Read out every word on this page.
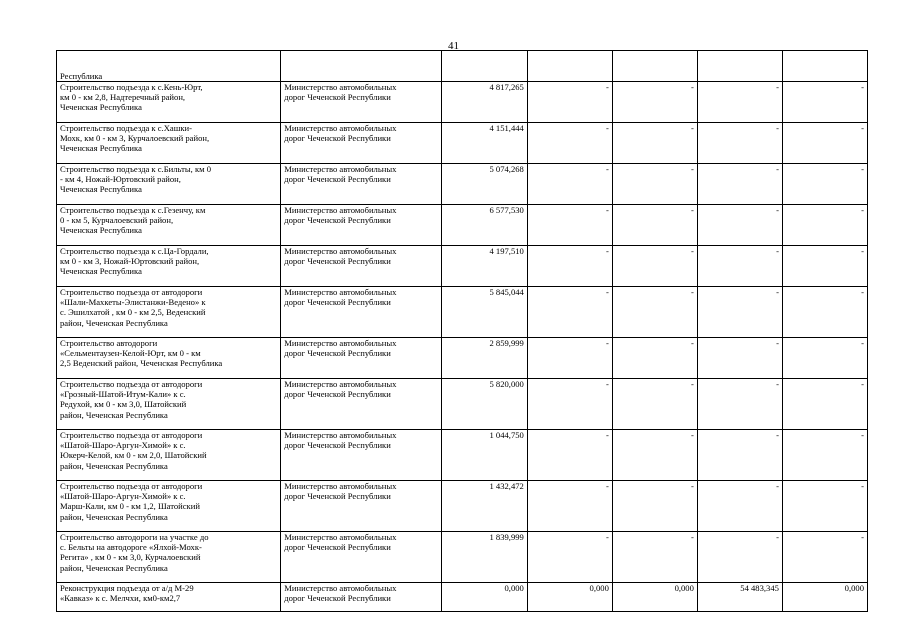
41
Республика						

Строительство подъезда к с.Кень-Юрт,
км 0 - км 2,8, Надтеречный район,
Чеченская Республика	Министерство автомобильных
дорог Чеченской Республики	4 817,265	-	-	-	-

Строительство подъезда к с.Хашки-
Мохк, км 0 - км 3, Курчалоевский район,
Чеченская Республика	Министерство автомобильных
дорог Чеченской Республики	4 151,444	-	-	-	-

Строительство подъезда к с.Бильты, км 0
- км 4, Ножай-Юртовский район,
Чеченская Республика	Министерство автомобильных
дорог Чеченской Республики	5 074,268	-	-	-	-

Строительство подъезда к с.Гезенчу, км
0 - км 5, Курчалоевский район,
Чеченская Республика	Министерство автомобильных
дорог Чеченской Республики	6 577,530	-	-	-	-

Строительство подъезда к с.Ца-Гордали,
км 0 - км 3, Ножай-Юртовский район,
Чеченская Республика	Министерство автомобильных
дорог Чеченской Республики	4 197,510	-	-	-	-

Строительство подъезда от автодороги
«Шали-Махкеты-Элистанжи-Ведено» к
с. Эшилхатой , км 0 - км 2,5, Веденский
район, Чеченская Республика	Министерство автомобильных
дорог Чеченской Республики	5 845,044	-	-	-	-

Строительство автодороги
«Сельментаузен-Келой-Юрт, км 0 - км
2,5 Веденский район, Чеченская Республика	Министерство автомобильных
дорог Чеченской Республики	2 859,999	-	-	-	-

Строительство подъезда от автодороги
«Грозный-Шатой-Итум-Кали» к с.
Редухой, км 0 - км 3,0, Шатойский
район, Чеченская Республика	Министерство автомобильных
дорог Чеченской Республики	5 820,000	-	-	-	-

Строительство подъезда от автодороги
«Шатой-Шаро-Аргун-Химой» к с.
Юкерч-Келой, км 0 - км 2,0, Шатойский
район, Чеченская Республика	Министерство автомобильных
дорог Чеченской Республики	1 044,750	-	-	-	-

Строительство подъезда от автодороги
«Шатой-Шаро-Аргун-Химой» к с.
Марш-Кали, км 0 - км 1,2, Шатойский
район, Чеченская Республика	Министерство автомобильных
дорог Чеченской Республики	1 432,472	-	-	-	-

Строительство автодороги на участке до
с. Бельты на автодороге «Ялхой-Мохк-
Регита» , км 0 - км 3,0, Курчалоевский
район, Чеченская Республика	Министерство автомобильных
дорог Чеченской Республики	1 839,999	-	-	-	-

Реконструкция подъезда от а/д М-29
«Кавказ» к с. Мелчхи, км0-км2,7	Министерство автомобильных
дорог Чеченской Республики	0,000	0,000	0,000	54 483,345	0,000
